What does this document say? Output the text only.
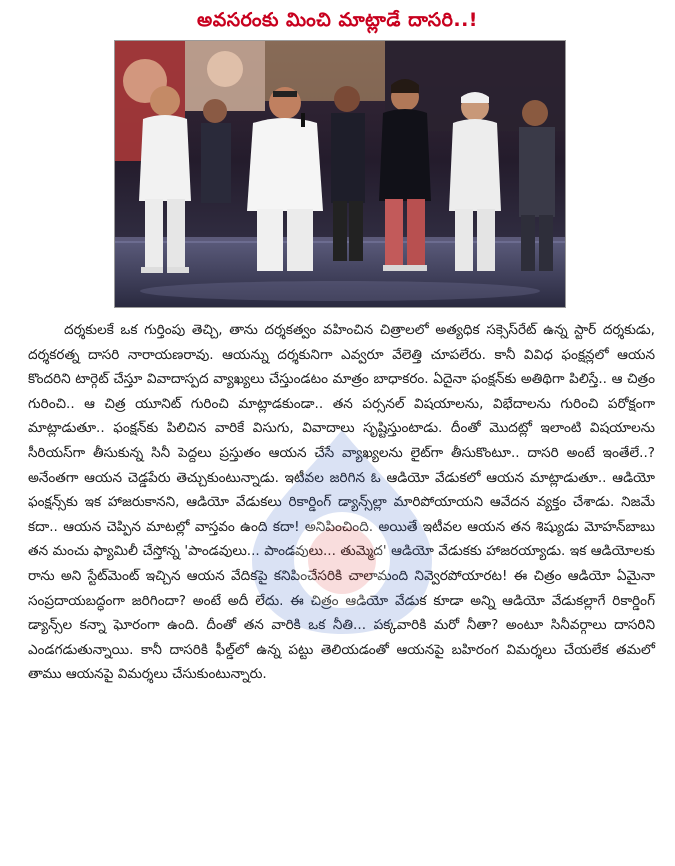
అవసరంకు మించి మాట్లాడే దాసరి..!

దర్శకులకే ఒక గుర్తింపు తెచ్చి, తాను దర్శకత్వం వహించిన చిత్రాలలో అత్యధిక సక్సెస్‌రేట్ ఉన్న స్టార్ దర్శకుడు, దర్శకరత్న దాసరి నారాయణరావు. ఆయన్ను దర్శకునిగా ఎవ్వరూ వేలెత్తి చూపలేరు. కానీ వివిధ ఫంక్షన్లలో ఆయన కొందరిని టార్గెట్ చేస్తూ వివాదాస్పద వ్యాఖ్యలు చేస్తుండటం మాత్రం బాధాకరం. ఏదైనా ఫంక్షన్‌కు అతిథిగా పిలిస్తే.. ఆ చిత్రం గురించి.. ఆ చిత్ర యూనిట్ గురించి మాట్లాడకుండా.. తన పర్సనల్ విషయాలను, విభేదాలను గురించి పరోక్షంగా మాట్లాడుతూ.. ఫంక్షన్‌కు పిలిచిన వారికే విసుగు, వివాదాలు సృష్టిస్తుంటాడు. దీంతో మొదట్లో ఇలాంటి విషయాలను సీరియస్‌గా తీసుకున్న సినీ పెద్దలు ప్రస్తుతం ఆయన చేసే వ్యాఖ్యలను లైట్‌గా తీసుకొంటూ.. దాసరి అంటే ఇంతేలే..? అనేంతగా ఆయన చెడ్డపేరు తెచ్చుకుంటున్నాడు. ఇటీవల జరిగిన ఓ ఆడియో వేడుకలో ఆయన మాట్లాడుతూ.. ఆడియో ఫంక్షన్స్‌కు ఇక హాజరుకానని, ఆడియో వేడుకలు రికార్డింగ్ డ్యాన్స్‌ల్లా మారిపోయాయని ఆవేదన వ్యక్తం చేశాడు. నిజమే కదా.. ఆయన చెప్పిన మాటల్లో వాస్తవం ఉంది కదా! అనిపించింది. అయితే ఇటీవల ఆయన తన శిష్యుడు మోహన్‌బాబు తన మంచు ఫ్యామిలీ చేస్తోన్న 'పాండవులు... పాండవులు... తుమ్మెద' ఆడియో వేడుకకు హాజరయ్యాడు. ఇక ఆడియోలకు రాను అని స్టేట్‌మెంట్ ఇచ్చిన ఆయన వేదికపై కనిపించేసరికి చాలామంది నివ్వెరపోయారట! ఈ చిత్రం ఆడియో ఏమైనా సంప్రదాయబద్ధంగా జరిగిందా? అంటే అదీ లేదు. ఈ చిత్రం ఆడియో వేడుక కూడా అన్ని ఆడియో వేడుకల్లాగే రికార్డింగ్ డ్యాన్స్‌ల కన్నా ఘోరంగా ఉంది. దీంతో తన వారికి ఒక నీతి... పక్కవారికి మరో నీతా? అంటూ సినీవర్గాలు దాసరిని ఎండగడుతున్నాయి. కానీ దాసరికి ఫీల్డ్‌లో ఉన్న పట్టు తెలియడంతో ఆయనపై బహిరంగ విమర్శలు చేయలేక తమలో తాము ఆయనపై విమర్శలు చేసుకుంటున్నారు.
